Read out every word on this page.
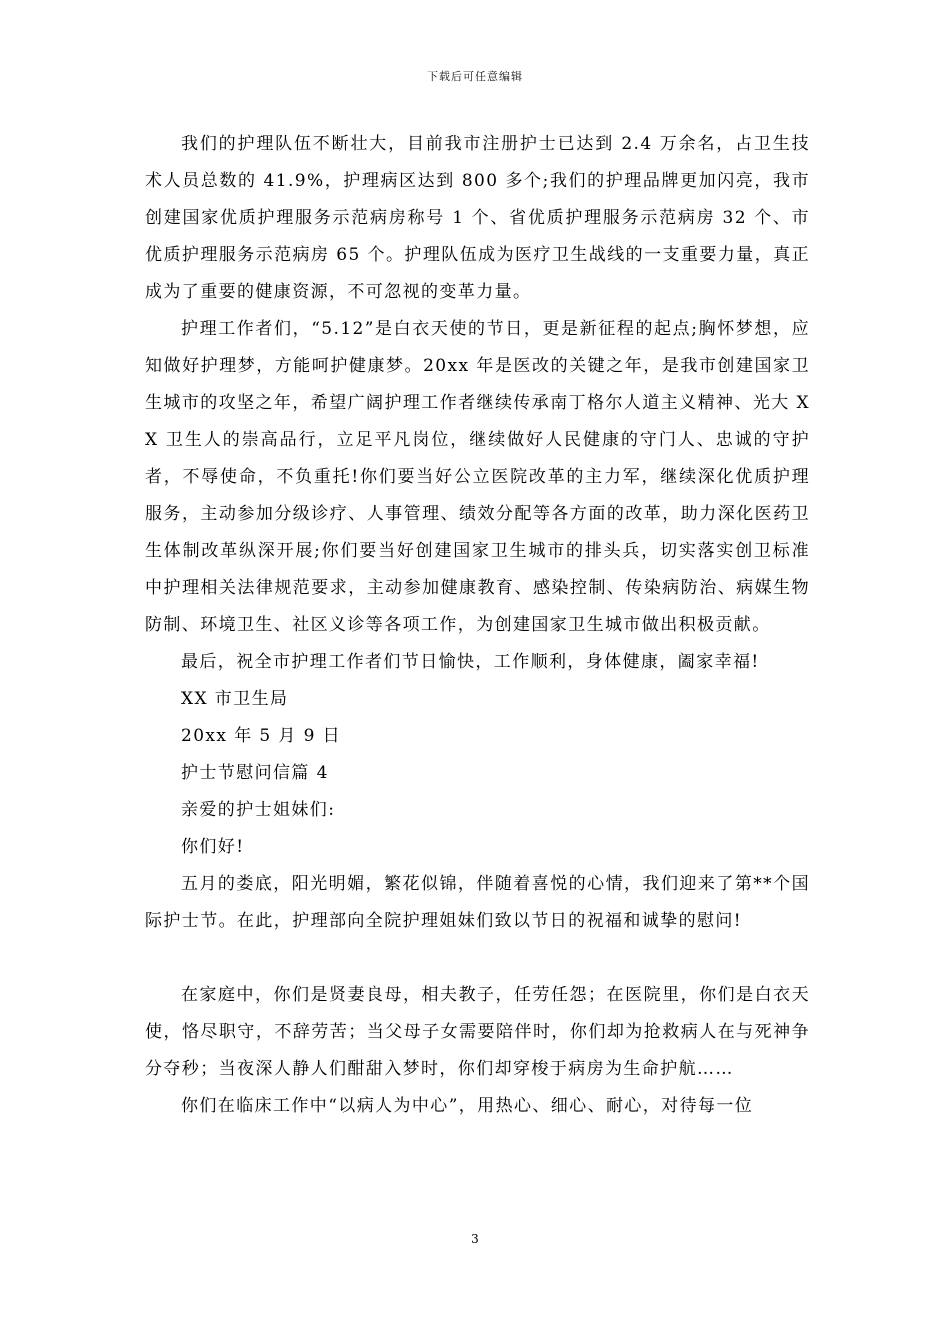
下载后可任意编辑

我们的护理队伍不断壮大，目前我市注册护士已达到 2.4 万余名，占卫生技术人员总数的 41.9%，护理病区达到 800 多个;我们的护理品牌更加闪亮，我市创建国家优质护理服务示范病房称号 1 个、省优质护理服务示范病房 32 个、市优质护理服务示范病房 65 个。护理队伍成为医疗卫生战线的一支重要力量，真正成为了重要的健康资源，不可忽视的变革力量。

护理工作者们，“5.12”是白衣天使的节日，更是新征程的起点;胸怀梦想，应知做好护理梦，方能呵护健康梦。20xx 年是医改的关键之年，是我市创建国家卫生城市的攻坚之年，希望广阔护理工作者继续传承南丁格尔人道主义精神、光大 XX 卫生人的崇高品行，立足平凡岗位，继续做好人民健康的守门人、忠诚的守护者，不辱使命，不负重托!你们要当好公立医院改革的主力军，继续深化优质护理服务，主动参加分级诊疗、人事管理、绩效分配等各方面的改革，助力深化医药卫生体制改革纵深开展;你们要当好创建国家卫生城市的排头兵，切实落实创卫标准中护理相关法律规范要求，主动参加健康教育、感染控制、传染病防治、病媒生物防制、环境卫生、社区义诊等各项工作，为创建国家卫生城市做出积极贡献。

最后，祝全市护理工作者们节日愉快，工作顺利，身体健康，阖家幸福!

XX 市卫生局

20xx 年 5 月 9 日

护士节慰问信篇 4

亲爱的护士姐妹们:

你们好!

五月的娄底，阳光明媚，繁花似锦，伴随着喜悦的心情，我们迎来了第**个国际护士节。在此，护理部向全院护理姐妹们致以节日的祝福和诚挚的慰问!

在家庭中，你们是贤妻良母，相夫教子，任劳任怨；在医院里，你们是白衣天使，恪尽职守，不辞劳苦；当父母子女需要陪伴时，你们却为抢救病人在与死神争分夺秒；当夜深人静人们酣甜入梦时，你们却穿梭于病房为生命护航……

你们在临床工作中“以病人为中心”，用热心、细心、耐心，对待每一位

3
